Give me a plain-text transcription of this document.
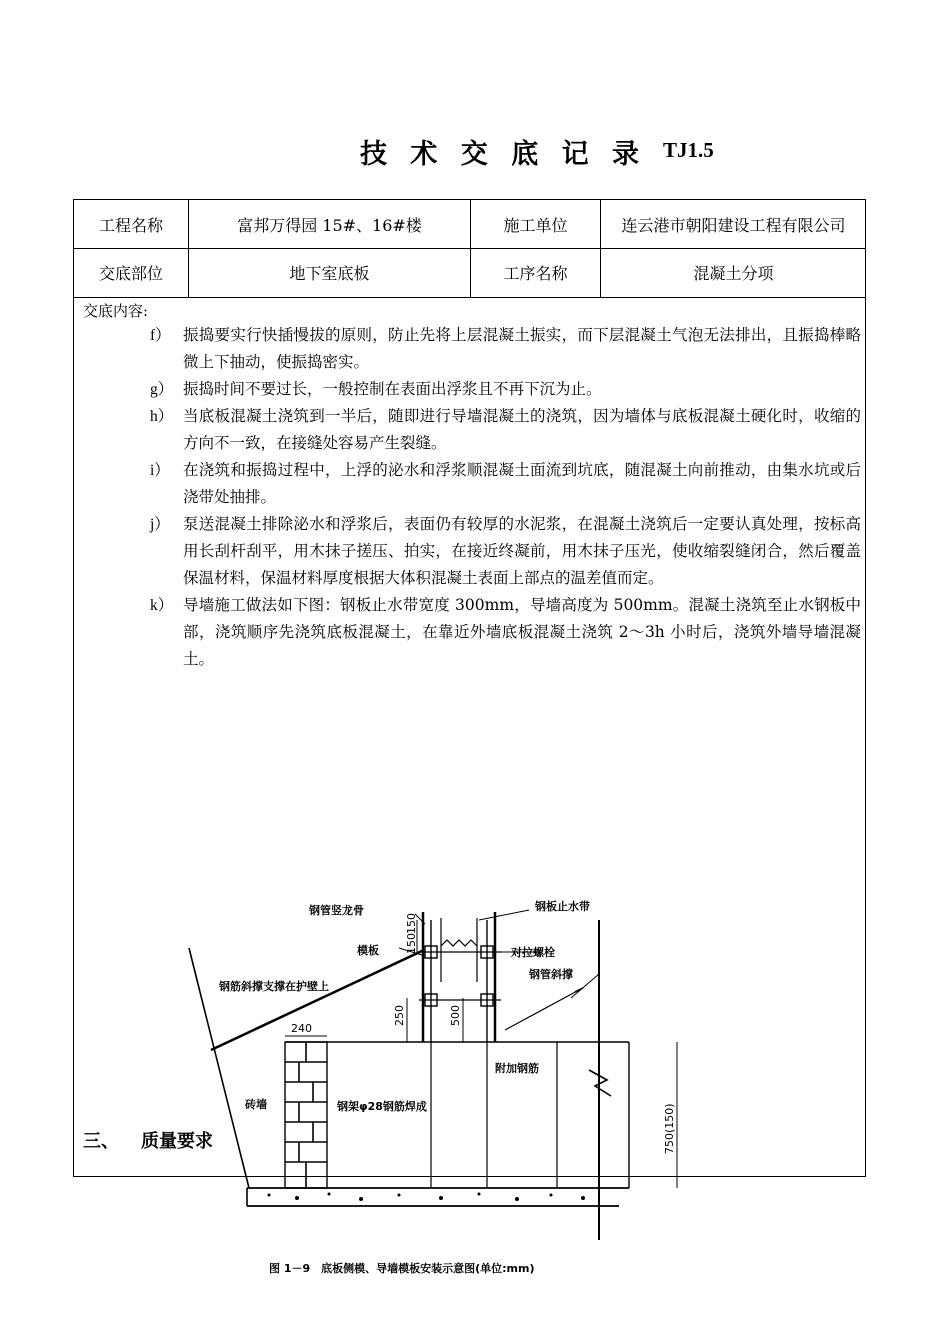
技 术 交 底 记 录 TJ1.5
工程名称	富邦万得园 15#、16#楼	施工单位	连云港市朝阳建设工程有限公司
交底部位	地下室底板	工序名称	混凝土分项
交底内容:
f） 振捣要实行快插慢拔的原则，防止先将上层混凝土振实，而下层混凝土气泡无法排出，且振捣棒略微上下抽动，使振捣密实。
g） 振捣时间不要过长，一般控制在表面出浮浆且不再下沉为止。
h） 当底板混凝土浇筑到一半后，随即进行导墙混凝土的浇筑，因为墙体与底板混凝土硬化时，收缩的方向不一致，在接缝处容易产生裂缝。
i） 在浇筑和振捣过程中，上浮的泌水和浮浆顺混凝土面流到坑底，随混凝土向前推动，由集水坑或后浇带处抽排。
j） 泵送混凝土排除泌水和浮浆后，表面仍有较厚的水泥浆，在混凝土浇筑后一定要认真处理，按标高用长刮杆刮平，用木抹子搓压、拍实，在接近终凝前，用木抹子压光，使收缩裂缝闭合，然后覆盖保温材料，保温材料厚度根据大体积混凝土表面上部点的温差值而定。
k） 导墙施工做法如下图：钢板止水带宽度 300mm，导墙高度为 500mm。混凝土浇筑至止水钢板中部，浇筑顺序先浇筑底板混凝土，在靠近外墙底板混凝土浇筑 2～3h 小时后，浇筑外墙导墙混凝土。
钢管竖龙骨	钢板止水带
模板	对拉螺栓
钢管斜撑
钢筋斜撑支撑在护壁上
240
砖墙	钢架φ28钢筋焊成
附加钢筋
150
150
250	500
750(150)
图 1－9　底板侧模、导墙模板安装示意图(单位:mm)
三、 质量要求
